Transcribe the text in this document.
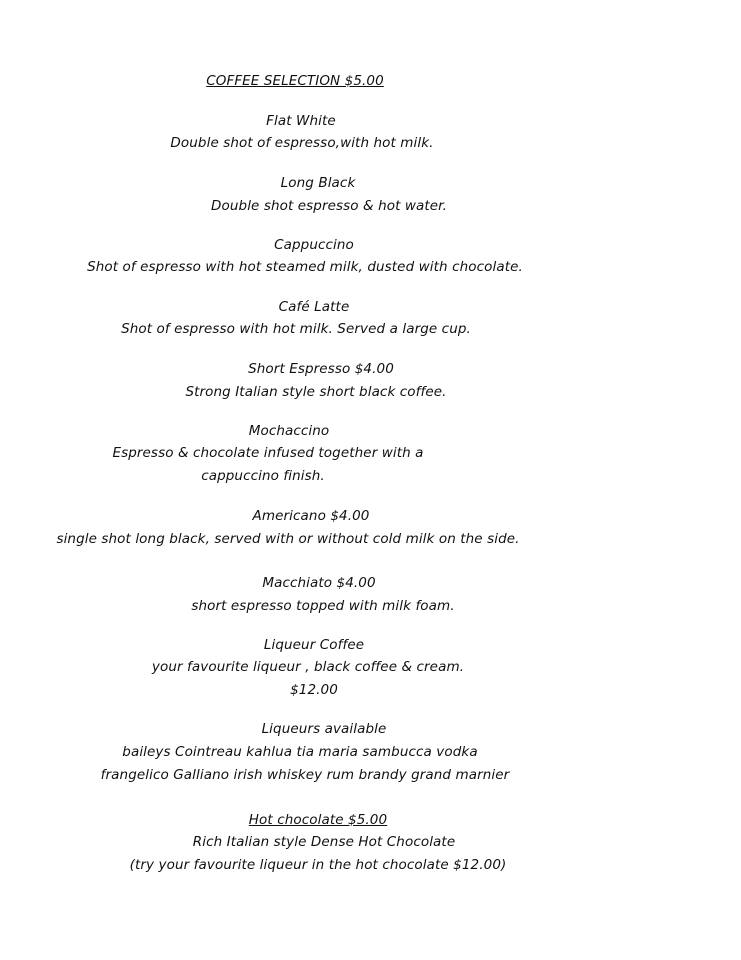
COFFEE SELECTION $5.00
Flat White
Double shot of espresso,with hot milk.
Long Black
Double shot espresso & hot water.
Cappuccino
Shot of espresso with hot steamed milk, dusted with chocolate.
Café Latte
Shot of espresso with hot milk. Served a large cup.
Short Espresso $4.00
Strong Italian style short black coffee.
Mochaccino
Espresso & chocolate infused together with a
cappuccino finish.
Americano $4.00
single shot long black, served with or without cold milk on the side.
Macchiato $4.00
short espresso topped with milk foam.
Liqueur Coffee
your favourite liqueur , black coffee & cream.
$12.00
Liqueurs available
baileys Cointreau kahlua tia maria sambucca vodka
frangelico Galliano irish whiskey rum brandy grand marnier
Hot chocolate $5.00
Rich Italian style Dense Hot Chocolate
(try your favourite liqueur in the hot chocolate $12.00)
